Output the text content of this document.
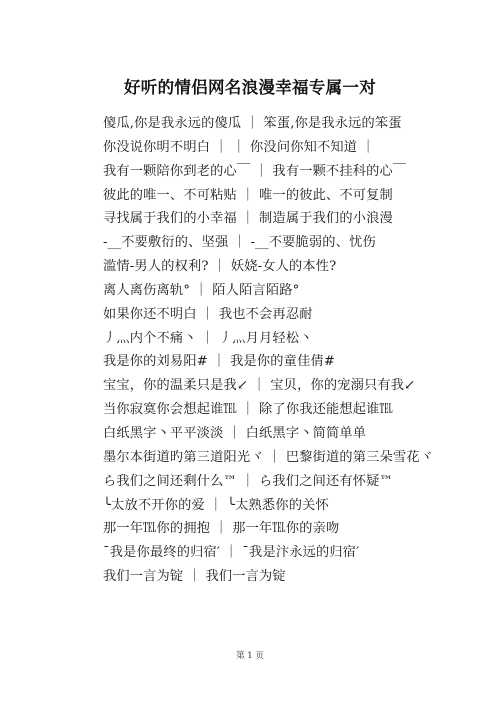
好听的情侣网名浪漫幸福专属一对
傻瓜,你是我永远的傻瓜 ｜ 笨蛋,你是我永远的笨蛋
你没说你明不明白 ｜ ｜ 你没问你知不知道 ｜
我有一颗陪你到老的心￣ ｜ 我有一颗不挂科的心￣
彼此的唯一、不可粘贴 ｜ 唯一的彼此、不可复制
寻找属于我们的小幸福 ｜ 制造属于我们的小浪漫
-__不要敷衍的、坚强 ｜ -__不要脆弱的、忧伤
滥情-男人的权利? ｜ 妖娆-女人的本性?
离人离伤离轨° ｜ 陌人陌言陌路°
如果你还不明白 ｜ 我也不会再忍耐
丿灬内个不痛丶 ｜ 丿灬月月轻松丶
我是你的刘易阳# ｜ 我是你的童佳倩#
宝宝，你的温柔只是我↙ ｜ 宝贝，你的宠溺只有我↙
当你寂寞你会想起谁℡ ｜ 除了你我还能想起谁℡
白纸黑字丶平平淡淡 ｜ 白纸黑字丶简简单单
墨尔本街道旳第三道阳光ヾ ｜ 巴黎街道的第三朵雪花ヾ
ら我们之间还剩什么™ ｜ ら我们之间还有怀疑™
╰太放不开你的爱 ｜ ╰太熟悉你的关怀
那一年℡你的拥抱 ｜ 那一年℡你的亲吻
ˉ我是你最终的归宿′ ｜ ˉ我是汴永远的归宿′
我们一言为锭 ｜ 我们一言为锭
第 1 页
